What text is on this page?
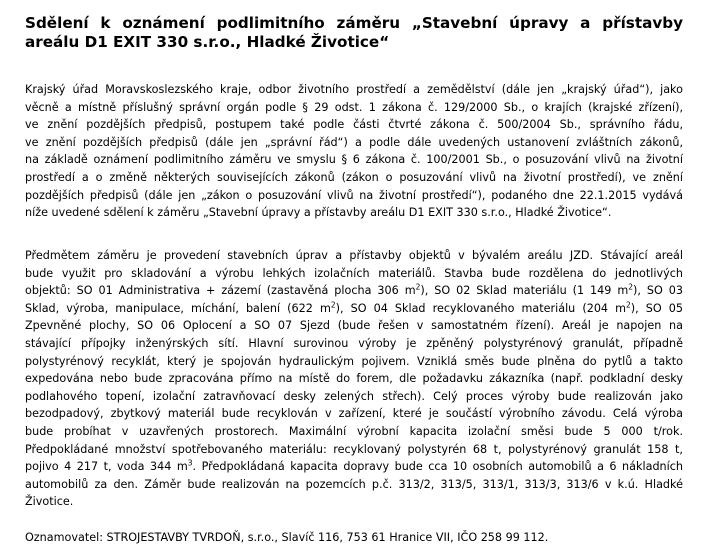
Sdělení k oznámení podlimitního záměru „Stavební úpravy a přístavby
areálu D1 EXIT 330 s.r.o., Hladké Životice“
Krajský úřad Moravskoslezského kraje, odbor životního prostředí a zemědělství (dále jen „krajský úřad“), jako
věcně a místně příslušný správní orgán podle § 29 odst. 1 zákona č. 129/2000 Sb., o krajích (krajské zřízení),
ve znění pozdějších předpisů, postupem také podle části čtvrté zákona č. 500/2004 Sb., správního řádu,
ve znění pozdějších předpisů (dále jen „správní řád“) a podle dále uvedených ustanovení zvláštních zákonů,
na základě oznámení podlimitního záměru ve smyslu § 6 zákona č. 100/2001 Sb., o posuzování vlivů na životní
prostředí a o změně některých souvisejících zákonů (zákon o posuzování vlivů na životní prostředí), ve znění
pozdějších předpisů (dále jen „zákon o posuzování vlivů na životní prostředí“), podaného dne 22.1.2015 vydává
níže uvedené sdělení k záměru „Stavební úpravy a přístavby areálu D1 EXIT 330 s.r.o., Hladké Životice“.
Předmětem záměru je provedení stavebních úprav a přístavby objektů v bývalém areálu JZD. Stávající areál
bude využit pro skladování a výrobu lehkých izolačních materiálů. Stavba bude rozdělena do jednotlivých
objektů: SO 01 Administrativa + zázemí (zastavěná plocha 306 $m^2$), SO 02 Sklad materiálu (1 149 $m^2$), SO 03
Sklad, výroba, manipulace, míchání, balení (622 $m^2$), SO 04 Sklad recyklovaného materiálu (204 $m^2$), SO 05
Zpevněné plochy, SO 06 Oplocení a SO 07 Sjezd (bude řešen v samostatném řízení). Areál je napojen na
stávající přípojky inženýrských sítí. Hlavní surovinou výroby je zpěněný polystyrénový granulát, případně
polystyrénový recyklát, který je spojován hydraulickým pojivem. Vzniklá směs bude plněna do pytlů a takto
expedována nebo bude zpracována přímo na místě do forem, dle požadavku zákazníka (např. podkladní desky
podlahového topení, izolační zatravňovací desky zelených střech). Celý proces výroby bude realizován jako
bezodpadový, zbytkový materiál bude recyklován v zařízení, které je součástí výrobního závodu. Celá výroba
bude probíhat v uzavřených prostorech. Maximální výrobní kapacita izolační směsi bude 5 000 t/rok.
Předpokládané množství spotřebovaného materiálu: recyklovaný polystyrén 68 t, polystyrénový granulát 158 t,
pojivo 4 217 t, voda 344 $m^3$. Předpokládaná kapacita dopravy bude cca 10 osobních automobilů a 6 nákladních
automobilů za den. Záměr bude realizován na pozemcích p.č. 313/2, 313/5, 313/1, 313/3, 313/6 v k.ú. Hladké
Životice.
Oznamovatel: STROJESTAVBY TVRDOŇ, s.r.o., Slavíč 116, 753 61 Hranice VII, IČO 258 99 112.
